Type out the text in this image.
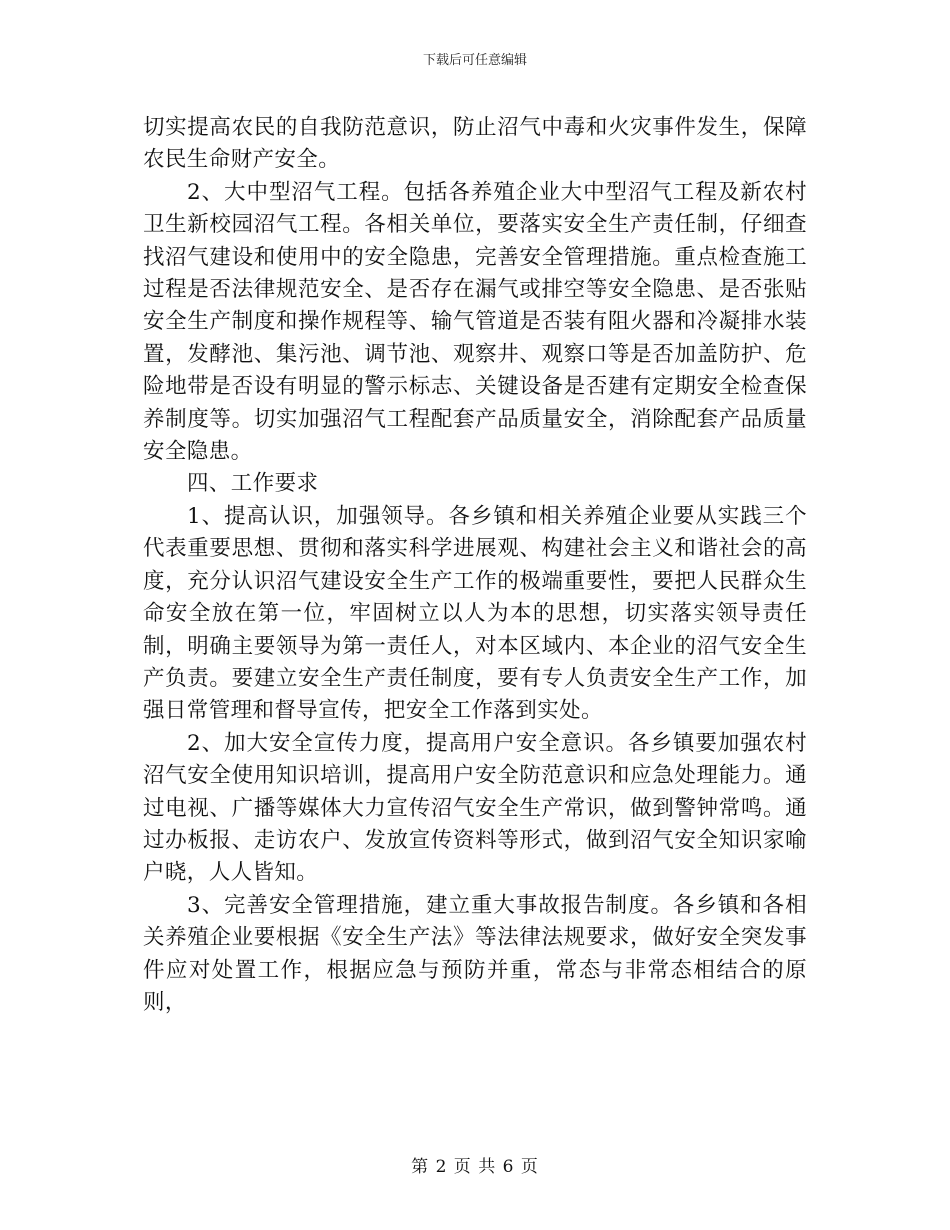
下载后可任意编辑

切实提高农民的自我防范意识，防止沼气中毒和火灾事件发生，保障农民生命财产安全。

2、大中型沼气工程。包括各养殖企业大中型沼气工程及新农村卫生新校园沼气工程。各相关单位，要落实安全生产责任制，仔细查找沼气建设和使用中的安全隐患，完善安全管理措施。重点检查施工过程是否法律规范安全、是否存在漏气或排空等安全隐患、是否张贴安全生产制度和操作规程等、输气管道是否装有阻火器和冷凝排水装置，发酵池、集污池、调节池、观察井、观察口等是否加盖防护、危险地带是否设有明显的警示标志、关键设备是否建有定期安全检查保养制度等。切实加强沼气工程配套产品质量安全，消除配套产品质量安全隐患。

四、工作要求

1、提高认识，加强领导。各乡镇和相关养殖企业要从实践三个代表重要思想、贯彻和落实科学进展观、构建社会主义和谐社会的高度，充分认识沼气建设安全生产工作的极端重要性，要把人民群众生命安全放在第一位，牢固树立以人为本的思想，切实落实领导责任制，明确主要领导为第一责任人，对本区域内、本企业的沼气安全生产负责。要建立安全生产责任制度，要有专人负责安全生产工作，加强日常管理和督导宣传，把安全工作落到实处。

2、加大安全宣传力度，提高用户安全意识。各乡镇要加强农村沼气安全使用知识培训，提高用户安全防范意识和应急处理能力。通过电视、广播等媒体大力宣传沼气安全生产常识，做到警钟常鸣。通过办板报、走访农户、发放宣传资料等形式，做到沼气安全知识家喻户晓，人人皆知。

3、完善安全管理措施，建立重大事故报告制度。各乡镇和各相关养殖企业要根据《安全生产法》等法律法规要求，做好安全突发事件应对处置工作，根据应急与预防并重，常态与非常态相结合的原则，

第 2 页 共 6 页
